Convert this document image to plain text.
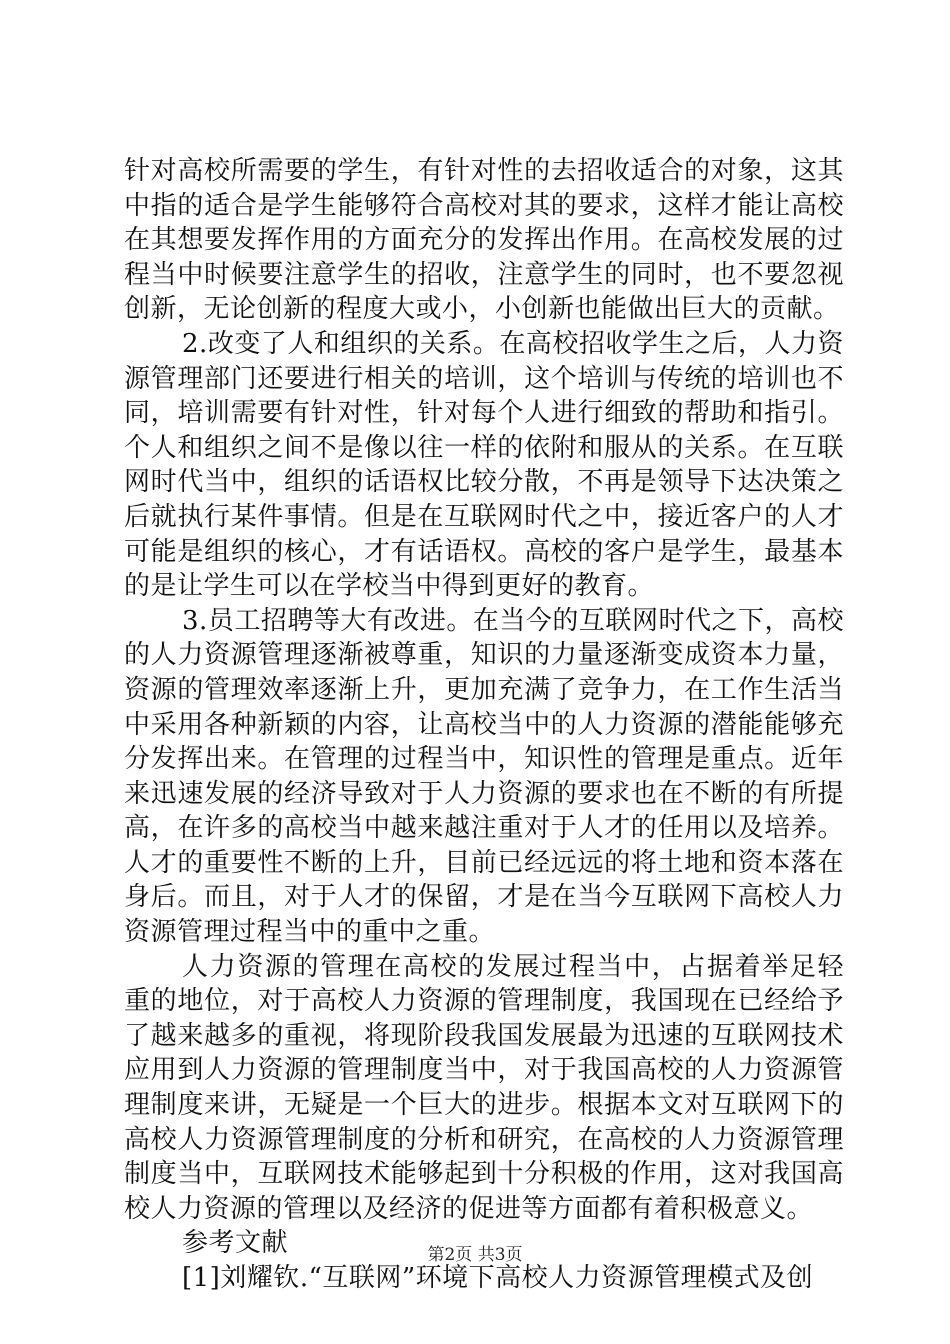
针对高校所需要的学生，有针对性的去招收适合的对象，这其中指的适合是学生能够符合高校对其的要求，这样才能让高校在其想要发挥作用的方面充分的发挥出作用。在高校发展的过程当中时候要注意学生的招收，注意学生的同时，也不要忽视创新，无论创新的程度大或小，小创新也能做出巨大的贡献。

2.改变了人和组织的关系。在高校招收学生之后，人力资源管理部门还要进行相关的培训，这个培训与传统的培训也不同，培训需要有针对性，针对每个人进行细致的帮助和指引。个人和组织之间不是像以往一样的依附和服从的关系。在互联网时代当中，组织的话语权比较分散，不再是领导下达决策之后就执行某件事情。但是在互联网时代之中，接近客户的人才可能是组织的核心，才有话语权。高校的客户是学生，最基本的是让学生可以在学校当中得到更好的教育。

3.员工招聘等大有改进。在当今的互联网时代之下，高校的人力资源管理逐渐被尊重，知识的力量逐渐变成资本力量，资源的管理效率逐渐上升，更加充满了竞争力，在工作生活当中采用各种新颖的内容，让高校当中的人力资源的潜能能够充分发挥出来。在管理的过程当中，知识性的管理是重点。近年来迅速发展的经济导致对于人力资源的要求也在不断的有所提高，在许多的高校当中越来越注重对于人才的任用以及培养。人才的重要性不断的上升，目前已经远远的将土地和资本落在身后。而且，对于人才的保留，才是在当今互联网下高校人力资源管理过程当中的重中之重。

人力资源的管理在高校的发展过程当中，占据着举足轻重的地位，对于高校人力资源的管理制度，我国现在已经给予了越来越多的重视，将现阶段我国发展最为迅速的互联网技术应用到人力资源的管理制度当中，对于我国高校的人力资源管理制度来讲，无疑是一个巨大的进步。根据本文对互联网下的高校人力资源管理制度的分析和研究，在高校的人力资源管理制度当中，互联网技术能够起到十分积极的作用，这对我国高校人力资源的管理以及经济的促进等方面都有着积极意义。

参考文献

[1]刘耀钦.“互联网”环境下高校人力资源管理模式及创

第2页 共3页
